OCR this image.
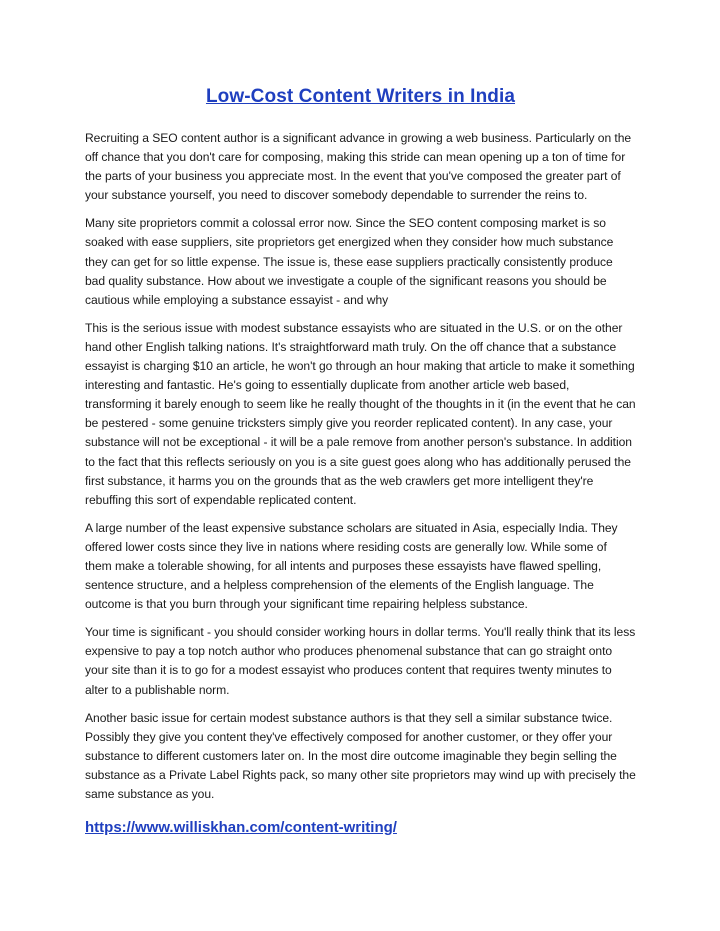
Low-Cost Content Writers in India

Recruiting a SEO content author is a significant advance in growing a web business. Particularly on the off chance that you don't care for composing, making this stride can mean opening up a ton of time for the parts of your business you appreciate most. In the event that you've composed the greater part of your substance yourself, you need to discover somebody dependable to surrender the reins to.

Many site proprietors commit a colossal error now. Since the SEO content composing market is so soaked with ease suppliers, site proprietors get energized when they consider how much substance they can get for so little expense. The issue is, these ease suppliers practically consistently produce bad quality substance. How about we investigate a couple of the significant reasons you should be cautious while employing a substance essayist - and why

This is the serious issue with modest substance essayists who are situated in the U.S. or on the other hand other English talking nations. It's straightforward math truly. On the off chance that a substance essayist is charging $10 an article, he won't go through an hour making that article to make it something interesting and fantastic. He's going to essentially duplicate from another article web based, transforming it barely enough to seem like he really thought of the thoughts in it (in the event that he can be pestered - some genuine tricksters simply give you reorder replicated content). In any case, your substance will not be exceptional - it will be a pale remove from another person's substance. In addition to the fact that this reflects seriously on you is a site guest goes along who has additionally perused the first substance, it harms you on the grounds that as the web crawlers get more intelligent they're rebuffing this sort of expendable replicated content.

A large number of the least expensive substance scholars are situated in Asia, especially India. They offered lower costs since they live in nations where residing costs are generally low. While some of them make a tolerable showing, for all intents and purposes these essayists have flawed spelling, sentence structure, and a helpless comprehension of the elements of the English language. The outcome is that you burn through your significant time repairing helpless substance.

Your time is significant - you should consider working hours in dollar terms. You'll really think that its less expensive to pay a top notch author who produces phenomenal substance that can go straight onto your site than it is to go for a modest essayist who produces content that requires twenty minutes to alter to a publishable norm.

Another basic issue for certain modest substance authors is that they sell a similar substance twice. Possibly they give you content they've effectively composed for another customer, or they offer your substance to different customers later on. In the most dire outcome imaginable they begin selling the substance as a Private Label Rights pack, so many other site proprietors may wind up with precisely the same substance as you.

https://www.williskhan.com/content-writing/
